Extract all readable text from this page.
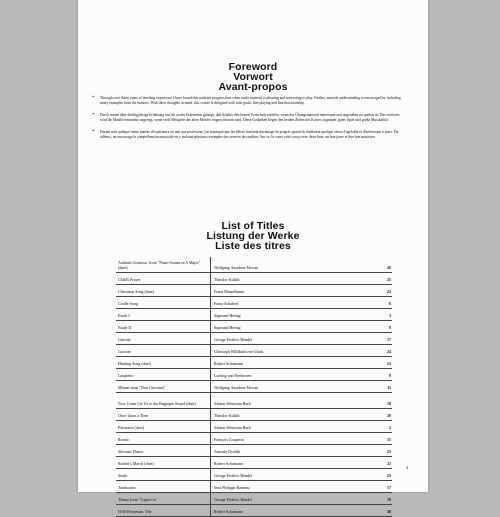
Foreword
Vorwort
Avant-propos
* Through over thirty years of teaching experience I have found that students progress best when study material is pleasing and interesting to play. Further, musical understanding is encouraged by including many examples from the masters. With these thoughts in mind, this course is designed with twin goals: fine playing and fine musicianship.
* Durch meine über dreißigjährige Erfahrung bin ich zu der Erkenntnis gelangt, daß Schüler den besten Fortschritt erzielen, wenn das Übungsmaterial interessant und angenehm zu spielen ist. Des weiteren wird ihr Musikverständnis angeregt, wenn viele Beispiele der alten Meister eingeschlossen sind. Diese Gedanken liegen den beiden Zielen des Kurses zugrunde: gutes Spiel und große Musikalität.
* Durant mes quelque trente années d'expérience en tant que professeur, j'ai remarqué que les élèves faisaient davantage de progrès quand ils étudiaient quelque chose d'agréable et d'intéressant à jouer. Par ailleurs, on encourage la compréhension musicale en y incluant plusieurs exemples des oeuvres des maîtres. Sur ce, le cours a été conçu avec deux buts: un bon jouer et être bon musicien.
List of Titles
Listung der Werke
Liste des titres
Andante Grazioso, from "Piano Sonata in A Major" (duet)	Wolfgang Amadeus Mozart	26
Child's Prayer	Theodor Kullak	25
Christmas Song (duet)	Franz Mutzelbauer	22
Cradle Song	Franz Schubert	6
Etude I	Sigmund Hering	3
Etude II	Sigmund Hering	8
Gavotte	George Frideric Handel	17
Gavotte	Christoph Willibald von Gluck	24
Hunting Song (duet)	Robert Schumann	12
Larghetto	Ludwig van Beethoven	9
Minuet from "Don Giovanni"	Wolfgang Amadeus Mozart	11
Now Come Let Us to the Bagpipes Sound (duet)	Johann Sebastian Bach	18
Once Upon a Time	Theodor Kullak	20
Polonaise (duet)	Johann Sebastian Bach	2
Rondo	François Couperin	15
Slavonic Dance	Antonín Dvořák	25
Soldier's March (duet)	Robert Schumann	22
Study	George Frideric Handel	23
Tambourin	Jean Philippe Rameau	17
Theme from "Capriccio"	George Frideric Handel	19
Wild Horseman, The	Robert Schumann	30
4
